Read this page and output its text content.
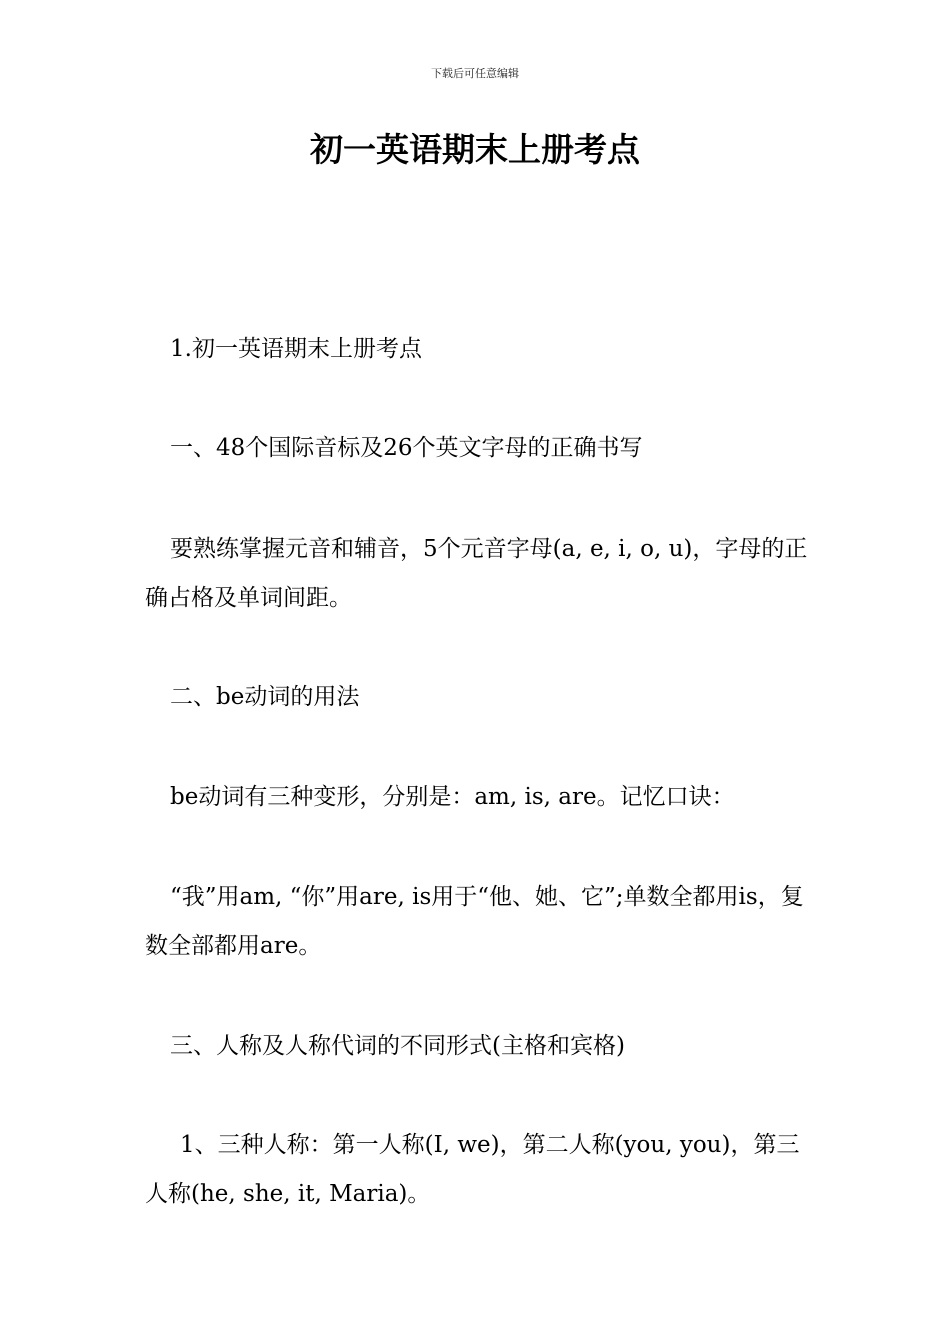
下载后可任意编辑
初一英语期末上册考点

1.初一英语期末上册考点

一、48个国际音标及26个英文字母的正确书写

要熟练掌握元音和辅音，5个元音字母(a, e, i, o, u)，字母的正确占格及单词间距。

二、be动词的用法

be动词有三种变形，分别是：am, is, are。记忆口诀：

“我”用am, “你”用are, is用于“他、她、它”;单数全都用is，复数全部都用are。

三、人称及人称代词的不同形式(主格和宾格)

1、三种人称：第一人称(I, we)，第二人称(you, you)，第三人称(he, she, it, Maria)。
